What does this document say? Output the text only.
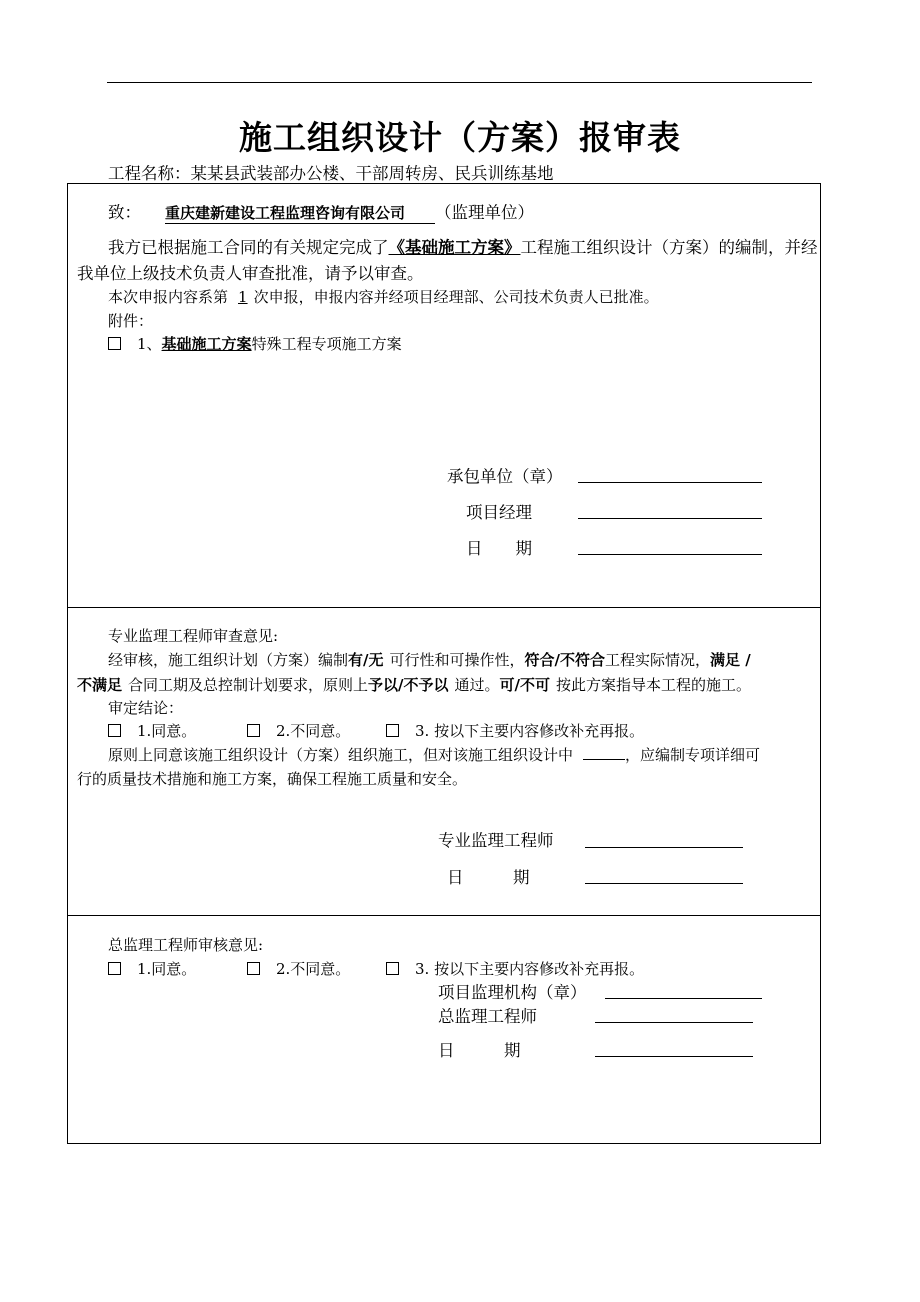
施工组织设计（方案）报审表
工程名称：某某县武装部办公楼、干部周转房、民兵训练基地
致： 重庆建新建设工程监理咨询有限公司 （监理单位）
我方已根据施工合同的有关规定完成了《基础施工方案》工程施工组织设计（方案）的编制，并经
我单位上级技术负责人审查批准，请予以审查。
本次申报内容系第 1 次申报，申报内容并经项目经理部、公司技术负责人已批准。
附件：
1、基础施工方案特殊工程专项施工方案
承包单位（章）
项目经理
日　　期
专业监理工程师审查意见:
经审核，施工组织计划（方案）编制有/无 可行性和可操作性，符合/不符合工程实际情况，满足 /
不满足 合同工期及总控制计划要求，原则上予以/不予以 通过。可/不可 按此方案指导本工程的施工。
审定结论：
1.同意。	2.不同意。	3. 按以下主要内容修改补充再报。
原则上同意该施工组织设计（方案）组织施工，但对该施工组织设计中	，应编制专项详细可
行的质量技术措施和施工方案，确保工程施工质量和安全。
专业监理工程师
日　　　期
总监理工程师审核意见:
1.同意。	2.不同意。	3. 按以下主要内容修改补充再报。
项目监理机构（章）
总监理工程师
日　　　期
